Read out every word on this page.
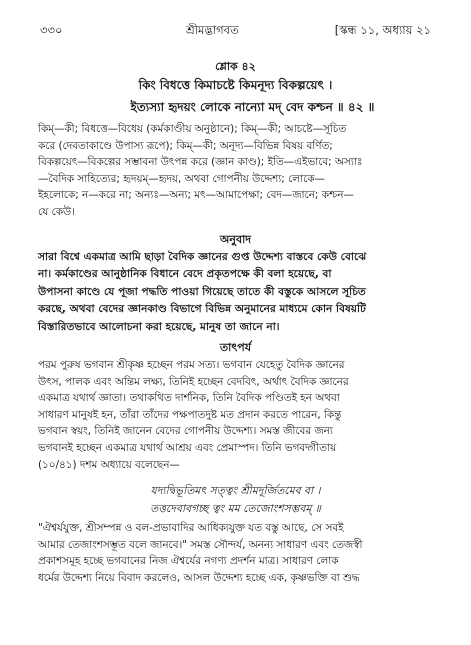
৩৩০	শ্রীমদ্ভাগবত	[স্কন্ধ ১১, অধ্যায় ২১
শ্লোক ৪২
কিং বিধত্তে কিমাচষ্টে কিমনূদ্য বিকল্পয়েৎ ।
ইত্যস্যা হৃদয়ং লোকে নান্যো মদ্ বেদ কশ্চন ॥ ৪২ ॥
কিম্—কী; বিধত্তে—বিধেয় (কর্মকাণ্ডীয় অনুষ্ঠানে); কিম্—কী; আচষ্টে—সূচিত
করে (দেবতাকাণ্ডে উপাস্য রূপে); কিম্—কী; অনূদ্য—বিভিন্ন বিষয় বর্ণিত;
বিকল্পয়েৎ—বিকল্পের সম্ভাবনা উৎপন্ন করে (জ্ঞান কাণ্ড); ইতি—এইভাবে; অস্যাঃ
—বৈদিক সাহিত্যের; হৃদয়ম্—হৃদয়, অথবা গোপনীয় উদ্দেশ্য; লোকে—
ইহলোকে; ন—করে না; অন্যঃ—অন্য; মৎ—আমাপেক্ষা; বেদ—জানে; কশ্চন—
যে কেউ।
অনুবাদ
সারা বিশ্বে একমাত্র আমি ছাড়া বৈদিক জ্ঞানের গুপ্ত উদ্দেশ্য বাস্তবে কেউ বোঝে
না। কর্মকাণ্ডের আনুষ্ঠানিক বিধানে বেদে প্রকৃতপক্ষে কী বলা হয়েছে, বা
উপাসনা কাণ্ডে যে পূজা পদ্ধতি পাওয়া গিয়েছে তাতে কী বস্তুকে আসলে সূচিত
করছে, অথবা বেদের জ্ঞানকাণ্ড বিভাগে বিভিন্ন অনুমানের মাধ্যমে কোন বিষয়টি
বিস্তারিতভাবে আলোচনা করা হয়েছে, মানুষ তা জানে না।
তাৎপর্য
পরম পুরুষ ভগবান শ্রীকৃষ্ণ হচ্ছেন পরম সত্য। ভগবান যেহেতু বৈদিক জ্ঞানের
উৎস, পালক এবং অন্তিম লক্ষ্য, তিনিই হচ্ছেন বেদবিৎ, অর্থাৎ বৈদিক জ্ঞানের
একমাত্র যথার্থ জ্ঞাতা। তথাকথিত দার্শনিক, তিনি বৈদিক পণ্ডিতই হন অথবা
সাধারণ মানুষই হন, তাঁরা তাঁদের পক্ষপাতদুষ্ট মত প্রদান করতে পারেন, কিন্তু
ভগবান স্বয়ং, তিনিই জানেন বেদের গোপনীয় উদ্দেশ্য। সমস্ত জীবের জন্য
ভগবানই হচ্ছেন একমাত্র যথার্থ আশ্রয় এবং প্রেমাস্পদ। তিনি ভগবদ্গীতায়
(১০/৪১) দশম অধ্যায়ে বলেছেন—
যদ্যদ্বিভূতিমৎ সত্ত্বং শ্রীমদূর্জিতমেব বা ।
তত্তদেবাবগচ্ছ ত্বং মম তেজোংশসম্ভবম্ ॥
"ঐশ্বর্যযুক্ত, শ্রীসম্পন্ন ও বল-প্রভাবাদির আধিক্যযুক্ত যত বস্তু আছে, সে সবই
আমার তেজাংশসম্ভূত বলে জানবে।" সমস্ত সৌন্দর্য, অনন্য সাধারণ এবং তেজস্বী
প্রকাশসমূহ হচ্ছে ভগবানের নিজ ঐশ্বর্যের নগণ্য প্রদর্শন মাত্র। সাধারণ লোক
ধর্মের উদ্দেশ্য নিয়ে বিবাদ করলেও, আসল উদ্দেশ্য হচ্ছে এক, কৃষ্ণভক্তি বা শুদ্ধ
